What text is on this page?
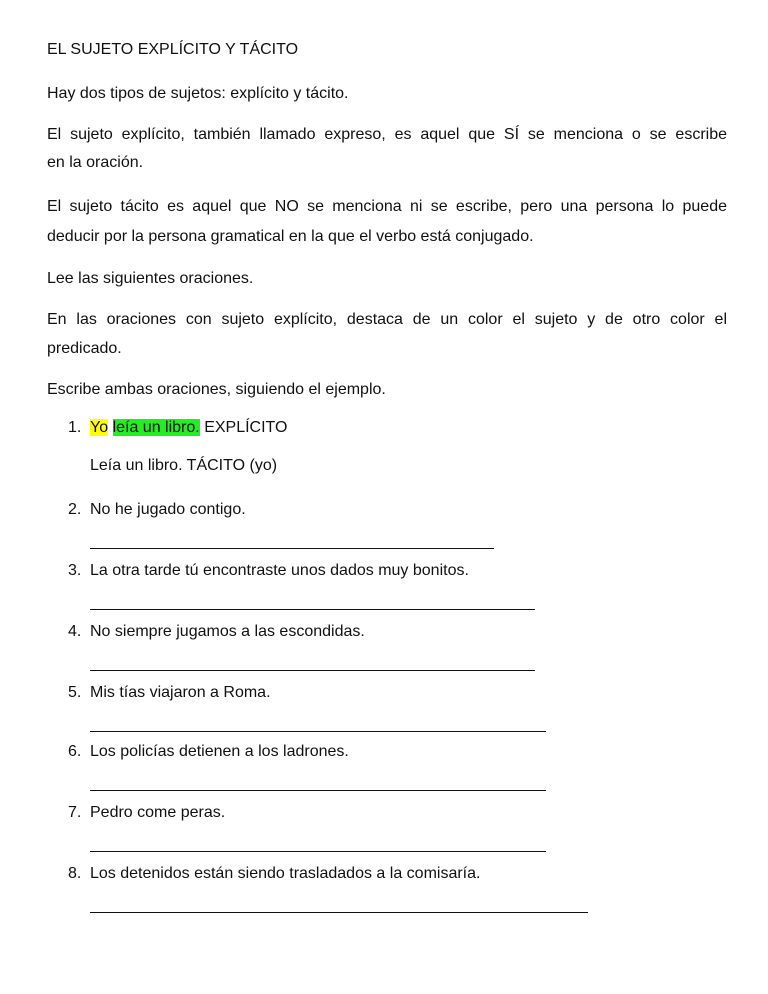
EL SUJETO EXPLÍCITO Y TÁCITO
Hay dos tipos de sujetos: explícito y tácito.
El sujeto explícito, también llamado expreso, es aquel que SÍ se menciona o se escribe
en la oración.
El sujeto tácito es aquel que NO se menciona ni se escribe, pero una persona lo puede
deducir por la persona gramatical en la que el verbo está conjugado.
Lee las siguientes oraciones.
En las oraciones con sujeto explícito, destaca de un color el sujeto y de otro color el
predicado.
Escribe ambas oraciones, siguiendo el ejemplo.
1. Yo leía un libro. EXPLÍCITO
Leía un libro. TÁCITO (yo)
2. No he jugado contigo.
3. La otra tarde tú encontraste unos dados muy bonitos.
4. No siempre jugamos a las escondidas.
5. Mis tías viajaron a Roma.
6. Los policías detienen a los ladrones.
7. Pedro come peras.
8. Los detenidos están siendo trasladados a la comisaría.
